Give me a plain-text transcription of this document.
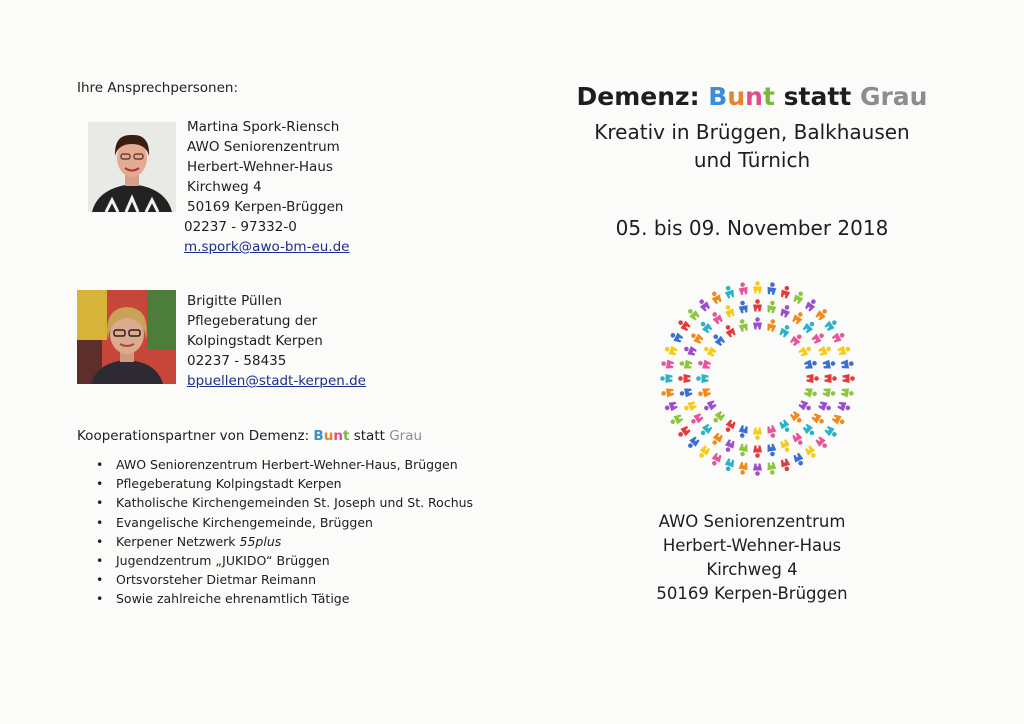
Ihre Ansprechpersonen:
Martina Spork-Riensch
AWO Seniorenzentrum
Herbert-Wehner-Haus
Kirchweg 4
50169 Kerpen-Brüggen
02237 - 97332-0
m.spork@awo-bm-eu.de
Brigitte Püllen
Pflegeberatung der
Kolpingstadt Kerpen
02237 - 58435
bpuellen@stadt-kerpen.de
Kooperationspartner von Demenz: Bunt statt Grau
• AWO Seniorenzentrum Herbert-Wehner-Haus, Brüggen
• Pflegeberatung Kolpingstadt Kerpen
• Katholische Kirchengemeinden St. Joseph und St. Rochus
• Evangelische Kirchengemeinde, Brüggen
• Kerpener Netzwerk 55plus
• Jugendzentrum „JUKIDO“ Brüggen
• Ortsvorsteher Dietmar Reimann
• Sowie zahlreiche ehrenamtlich Tätige
Demenz: Bunt statt Grau
Kreativ in Brüggen, Balkhausen
und Türnich
05. bis 09. November 2018
AWO Seniorenzentrum
Herbert-Wehner-Haus
Kirchweg 4
50169 Kerpen-Brüggen
